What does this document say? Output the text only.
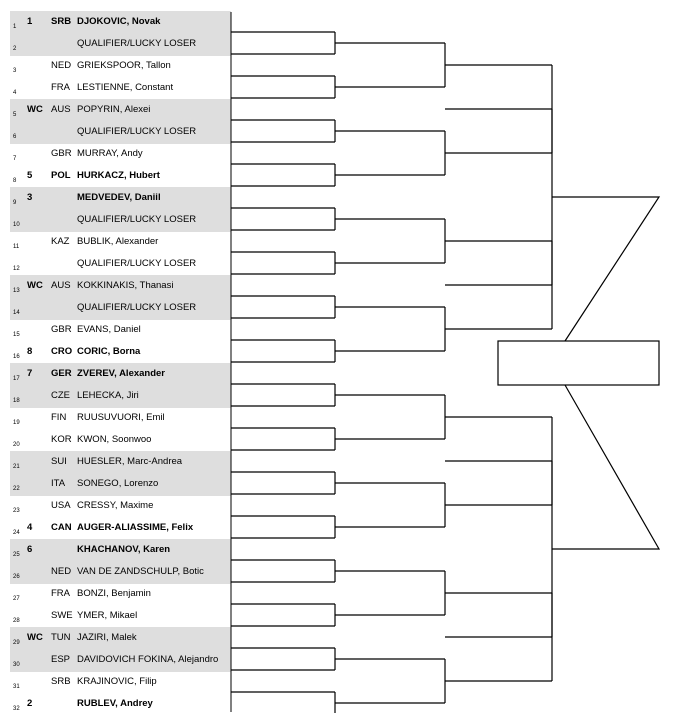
1 1 SRB DJOKOVIC, Novak
2	QUALIFIER/LUCKY LOSER
3	NED GRIEKSPOOR, Tallon
4	FRA LESTIENNE, Constant
5 WC AUS POPYRIN, Alexei
6	QUALIFIER/LUCKY LOSER
7	GBR MURRAY, Andy
8 5 POL HURKACZ, Hubert
9 3	MEDVEDEV, Daniil
10	QUALIFIER/LUCKY LOSER
11	KAZ BUBLIK, Alexander
12	QUALIFIER/LUCKY LOSER
13 WC AUS KOKKINAKIS, Thanasi
14	QUALIFIER/LUCKY LOSER
15	GBR EVANS, Daniel
16 8 CRO CORIC, Borna
17 7 GER ZVEREV, Alexander
18	CZE LEHECKA, Jiri
19	FIN RUUSUVUORI, Emil
20	KOR KWON, Soonwoo
21	SUI HUESLER, Marc-Andrea
22	ITA SONEGO, Lorenzo
23	USA CRESSY, Maxime
24 4 CAN AUGER-ALIASSIME, Felix
25 6	KHACHANOV, Karen
26	NED VAN DE ZANDSCHULP, Botic
27	FRA BONZI, Benjamin
28	SWE YMER, Mikael
29 WC TUN JAZIRI, Malek
30	ESP DAVIDOVICH FOKINA, Alejandro
31	SRB KRAJINOVIC, Filip
32 2	RUBLEV, Andrey
